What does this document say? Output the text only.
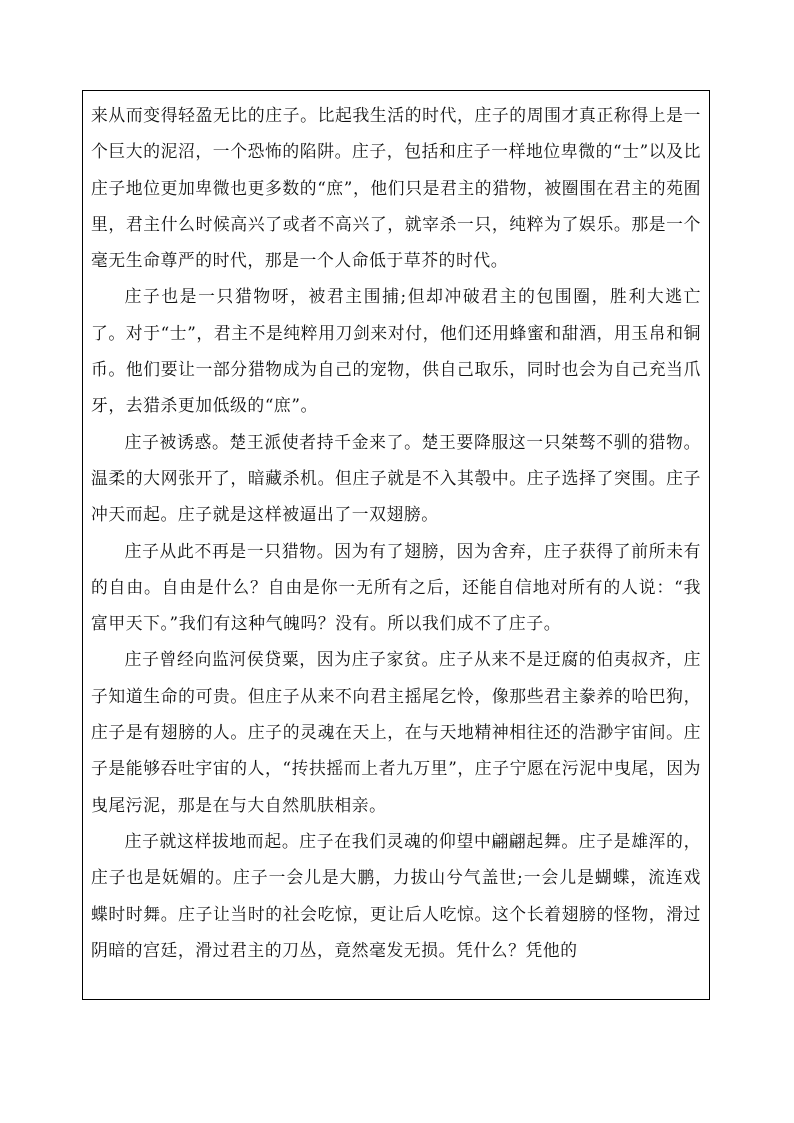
来从而变得轻盈无比的庄子。比起我生活的时代，庄子的周围才真正称得上是一个巨大的泥沼，一个恐怖的陷阱。庄子，包括和庄子一样地位卑微的“士”以及比庄子地位更加卑微也更多数的“庶”，他们只是君主的猎物，被圈围在君主的苑囿里，君主什么时候高兴了或者不高兴了，就宰杀一只，纯粹为了娱乐。那是一个毫无生命尊严的时代，那是一个人命低于草芥的时代。

庄子也是一只猎物呀，被君主围捕;但却冲破君主的包围圈，胜利大逃亡了。对于“士”，君主不是纯粹用刀剑来对付，他们还用蜂蜜和甜酒，用玉帛和铜币。他们要让一部分猎物成为自己的宠物，供自己取乐，同时也会为自己充当爪牙，去猎杀更加低级的“庶”。

庄子被诱惑。楚王派使者持千金来了。楚王要降服这一只桀骜不驯的猎物。温柔的大网张开了，暗藏杀机。但庄子就是不入其彀中。庄子选择了突围。庄子冲天而起。庄子就是这样被逼出了一双翅膀。

庄子从此不再是一只猎物。因为有了翅膀，因为舍弃，庄子获得了前所未有的自由。自由是什么？自由是你一无所有之后，还能自信地对所有的人说：“我富甲天下。”我们有这种气魄吗？没有。所以我们成不了庄子。

庄子曾经向监河侯贷粟，因为庄子家贫。庄子从来不是迂腐的伯夷叔齐，庄子知道生命的可贵。但庄子从来不向君主摇尾乞怜，像那些君主豢养的哈巴狗，庄子是有翅膀的人。庄子的灵魂在天上，在与天地精神相往还的浩渺宇宙间。庄子是能够吞吐宇宙的人，“抟扶摇而上者九万里”，庄子宁愿在污泥中曳尾，因为曳尾污泥，那是在与大自然肌肤相亲。

庄子就这样拔地而起。庄子在我们灵魂的仰望中翩翩起舞。庄子是雄浑的，庄子也是妩媚的。庄子一会儿是大鹏，力拔山兮气盖世;一会儿是蝴蝶，流连戏蝶时时舞。庄子让当时的社会吃惊，更让后人吃惊。这个长着翅膀的怪物，滑过阴暗的宫廷，滑过君主的刀丛，竟然毫发无损。凭什么？凭他的
